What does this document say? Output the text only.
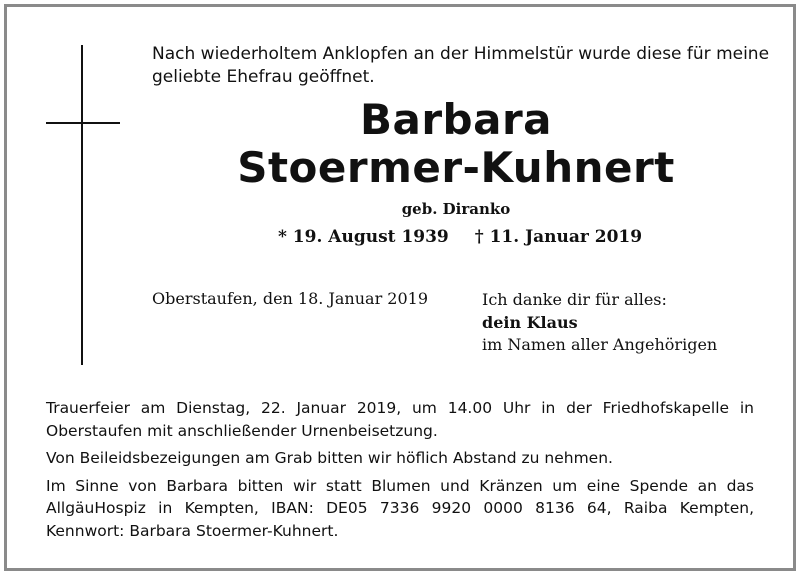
Nach wiederholtem Anklopfen an der Himmelstür wurde diese für meine geliebte Ehefrau geöffnet.
Barbara
Stoermer-Kuhnert
geb. Diranko
* 19. August 1939 † 11. Januar 2019
Oberstaufen, den 18. Januar 2019	Ich danke dir für alles:
dein Klaus
im Namen aller Angehörigen

Trauerfeier am Dienstag, 22. Januar 2019, um 14.00 Uhr in der Friedhofskapelle in Oberstaufen mit anschließender Urnenbeisetzung.

Von Beileidsbezeigungen am Grab bitten wir höflich Abstand zu nehmen.

Im Sinne von Barbara bitten wir statt Blumen und Kränzen um eine Spende an das AllgäuHospiz in Kempten, IBAN: DE05 7336 9920 0000 8136 64, Raiba Kempten, Kennwort: Barbara Stoermer-Kuhnert.
